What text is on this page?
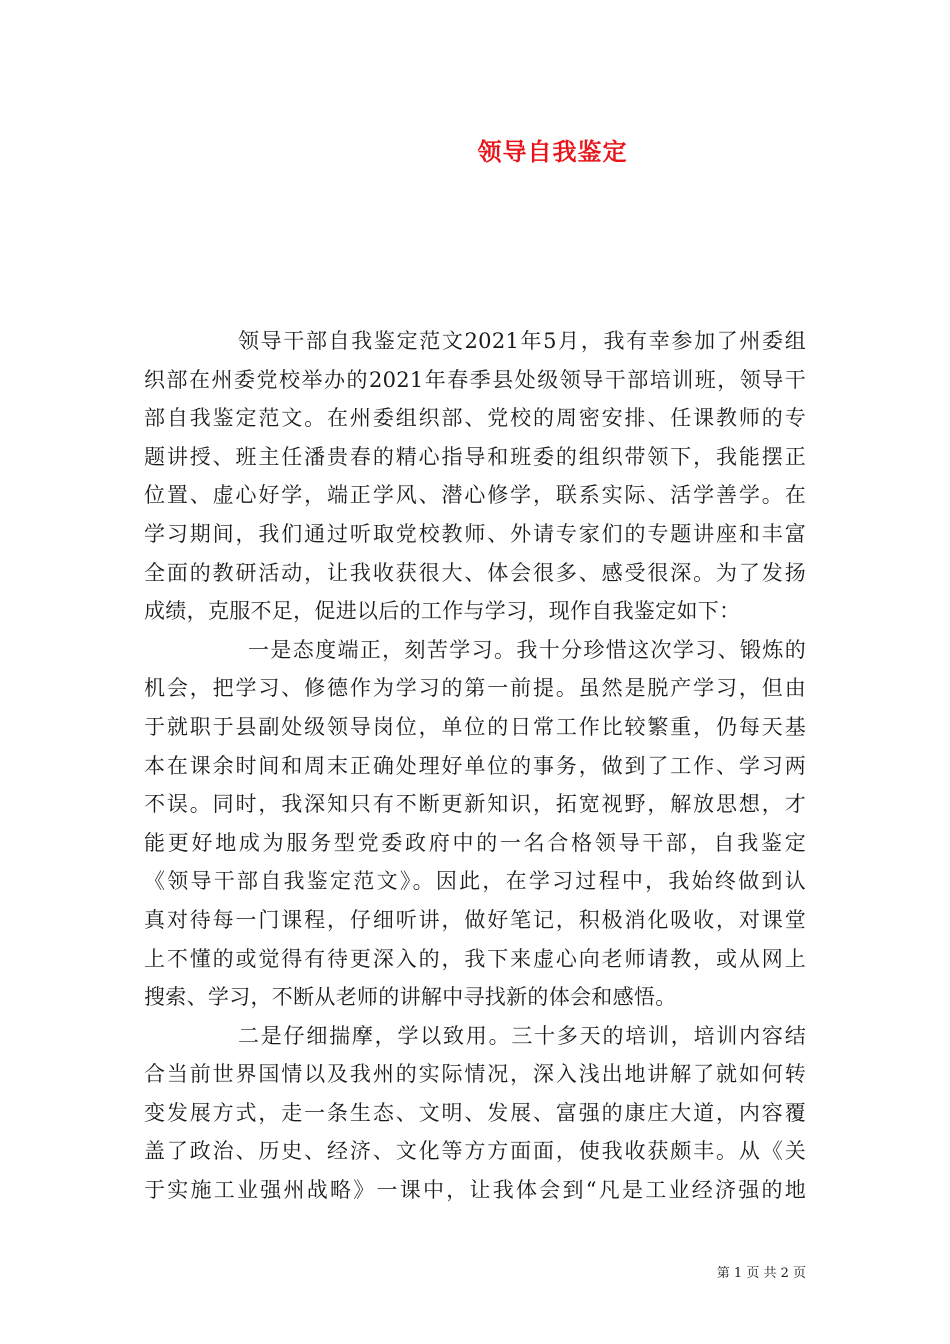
领导自我鉴定
领导干部自我鉴定范文2021年5月，我有幸参加了州委组
织部在州委党校举办的2021年春季县处级领导干部培训班，领导干
部自我鉴定范文。在州委组织部、党校的周密安排、任课教师的专
题讲授、班主任潘贵春的精心指导和班委的组织带领下，我能摆正
位置、虚心好学，端正学风、潜心修学，联系实际、活学善学。在
学习期间，我们通过听取党校教师、外请专家们的专题讲座和丰富
全面的教研活动，让我收获很大、体会很多、感受很深。为了发扬
成绩，克服不足，促进以后的工作与学习，现作自我鉴定如下：
一是态度端正，刻苦学习。我十分珍惜这次学习、锻炼的
机会，把学习、修德作为学习的第一前提。虽然是脱产学习，但由
于就职于县副处级领导岗位，单位的日常工作比较繁重，仍每天基
本在课余时间和周末正确处理好单位的事务，做到了工作、学习两
不误。同时，我深知只有不断更新知识，拓宽视野，解放思想，才
能更好地成为服务型党委政府中的一名合格领导干部，自我鉴定
《领导干部自我鉴定范文》。因此，在学习过程中，我始终做到认
真对待每一门课程，仔细听讲，做好笔记，积极消化吸收，对课堂
上不懂的或觉得有待更深入的，我下来虚心向老师请教，或从网上
搜索、学习，不断从老师的讲解中寻找新的体会和感悟。
二是仔细揣摩，学以致用。三十多天的培训，培训内容结
合当前世界国情以及我州的实际情况，深入浅出地讲解了就如何转
变发展方式，走一条生态、文明、发展、富强的康庄大道，内容覆
盖了政治、历史、经济、文化等方方面面，使我收获颇丰。从《关
于实施工业强州战略》一课中，让我体会到“凡是工业经济强的地
第 1 页 共 2 页
